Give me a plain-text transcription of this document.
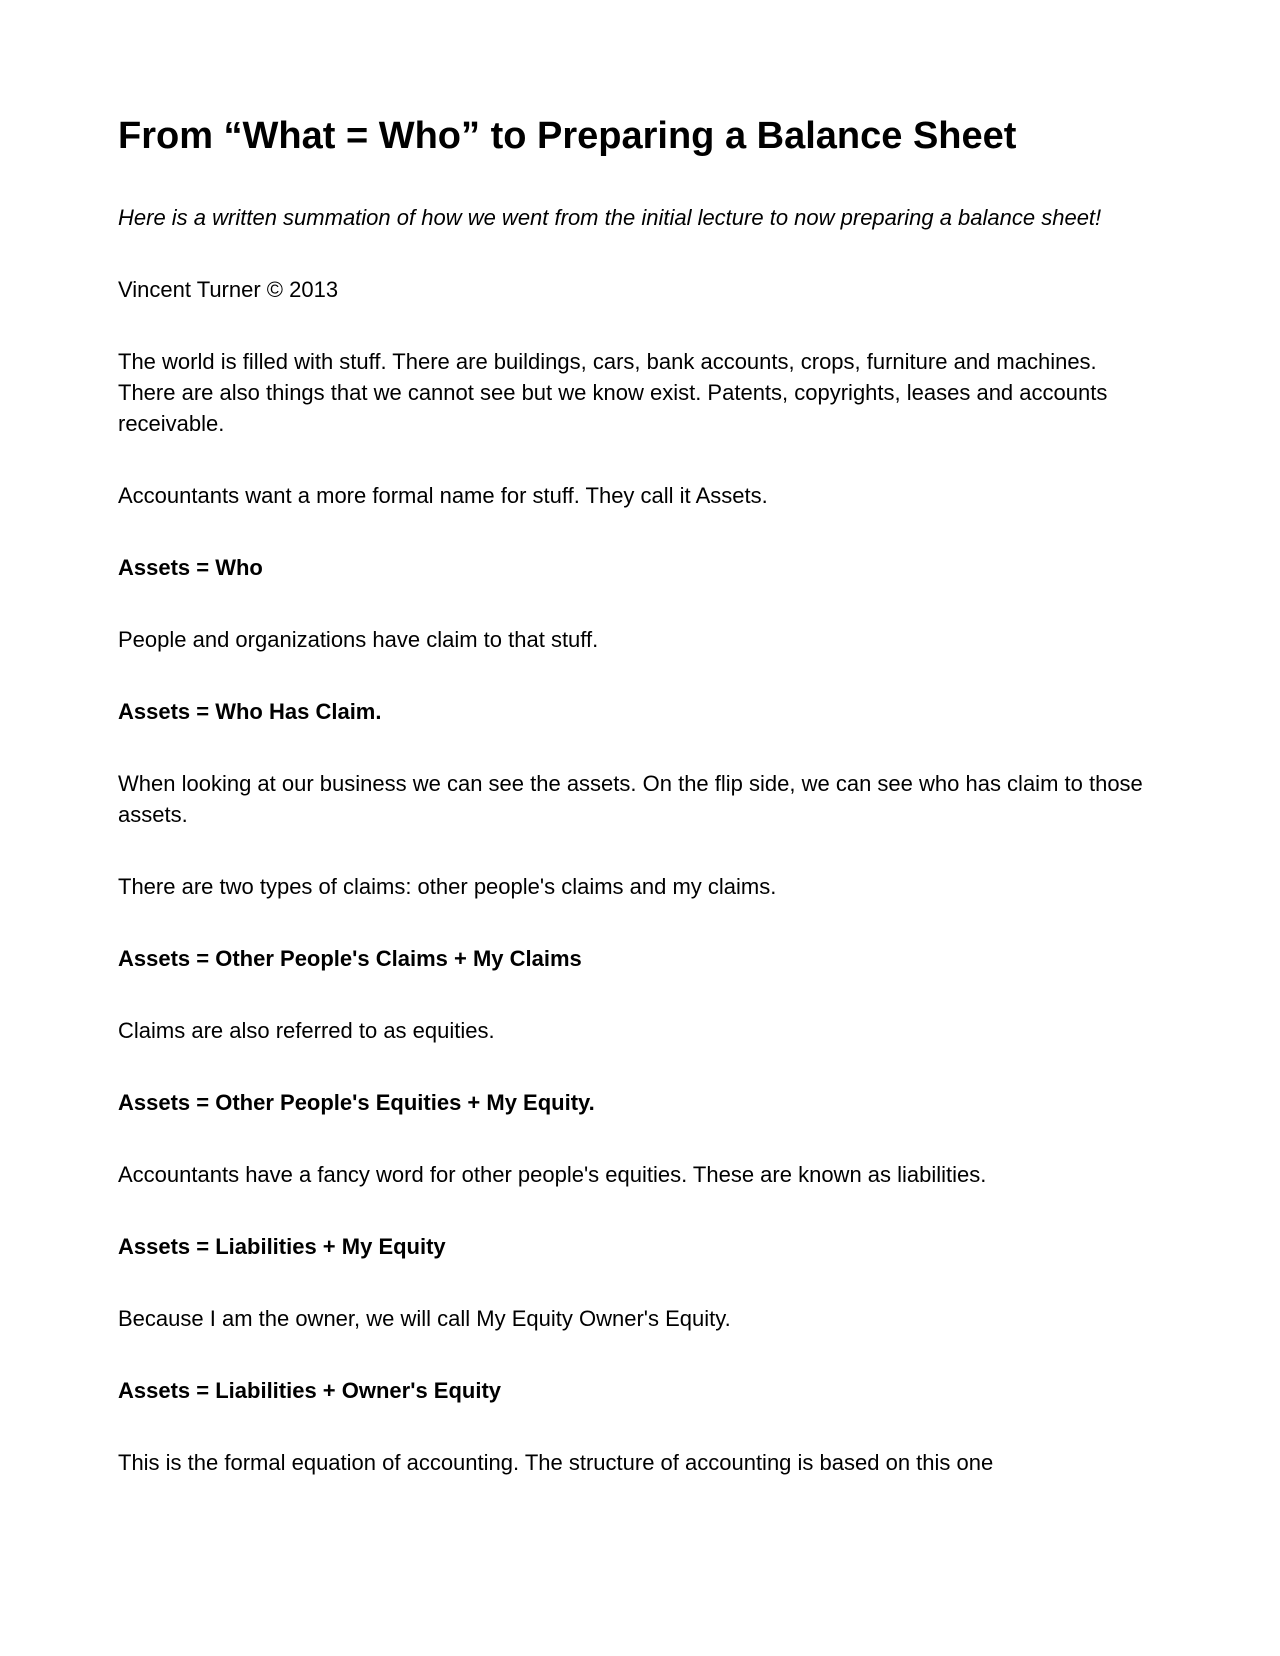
From “What = Who” to Preparing a Balance Sheet

Here is a written summation of how we went from the initial lecture to now preparing a balance sheet!

Vincent Turner © 2013

The world is filled with stuff. There are buildings, cars, bank accounts, crops, furniture and machines. There are also things that we cannot see but we know exist. Patents, copyrights, leases and accounts receivable.

Accountants want a more formal name for stuff. They call it Assets.

Assets = Who

People and organizations have claim to that stuff.

Assets = Who Has Claim.

When looking at our business we can see the assets. On the flip side, we can see who has claim to those assets.

There are two types of claims: other people's claims and my claims.

Assets = Other People's Claims + My Claims

Claims are also referred to as equities.

Assets = Other People's Equities + My Equity.

Accountants have a fancy word for other people's equities. These are known as liabilities.

Assets = Liabilities + My Equity

Because I am the owner, we will call My Equity Owner's Equity.

Assets = Liabilities + Owner's Equity

This is the formal equation of accounting. The structure of accounting is based on this one
